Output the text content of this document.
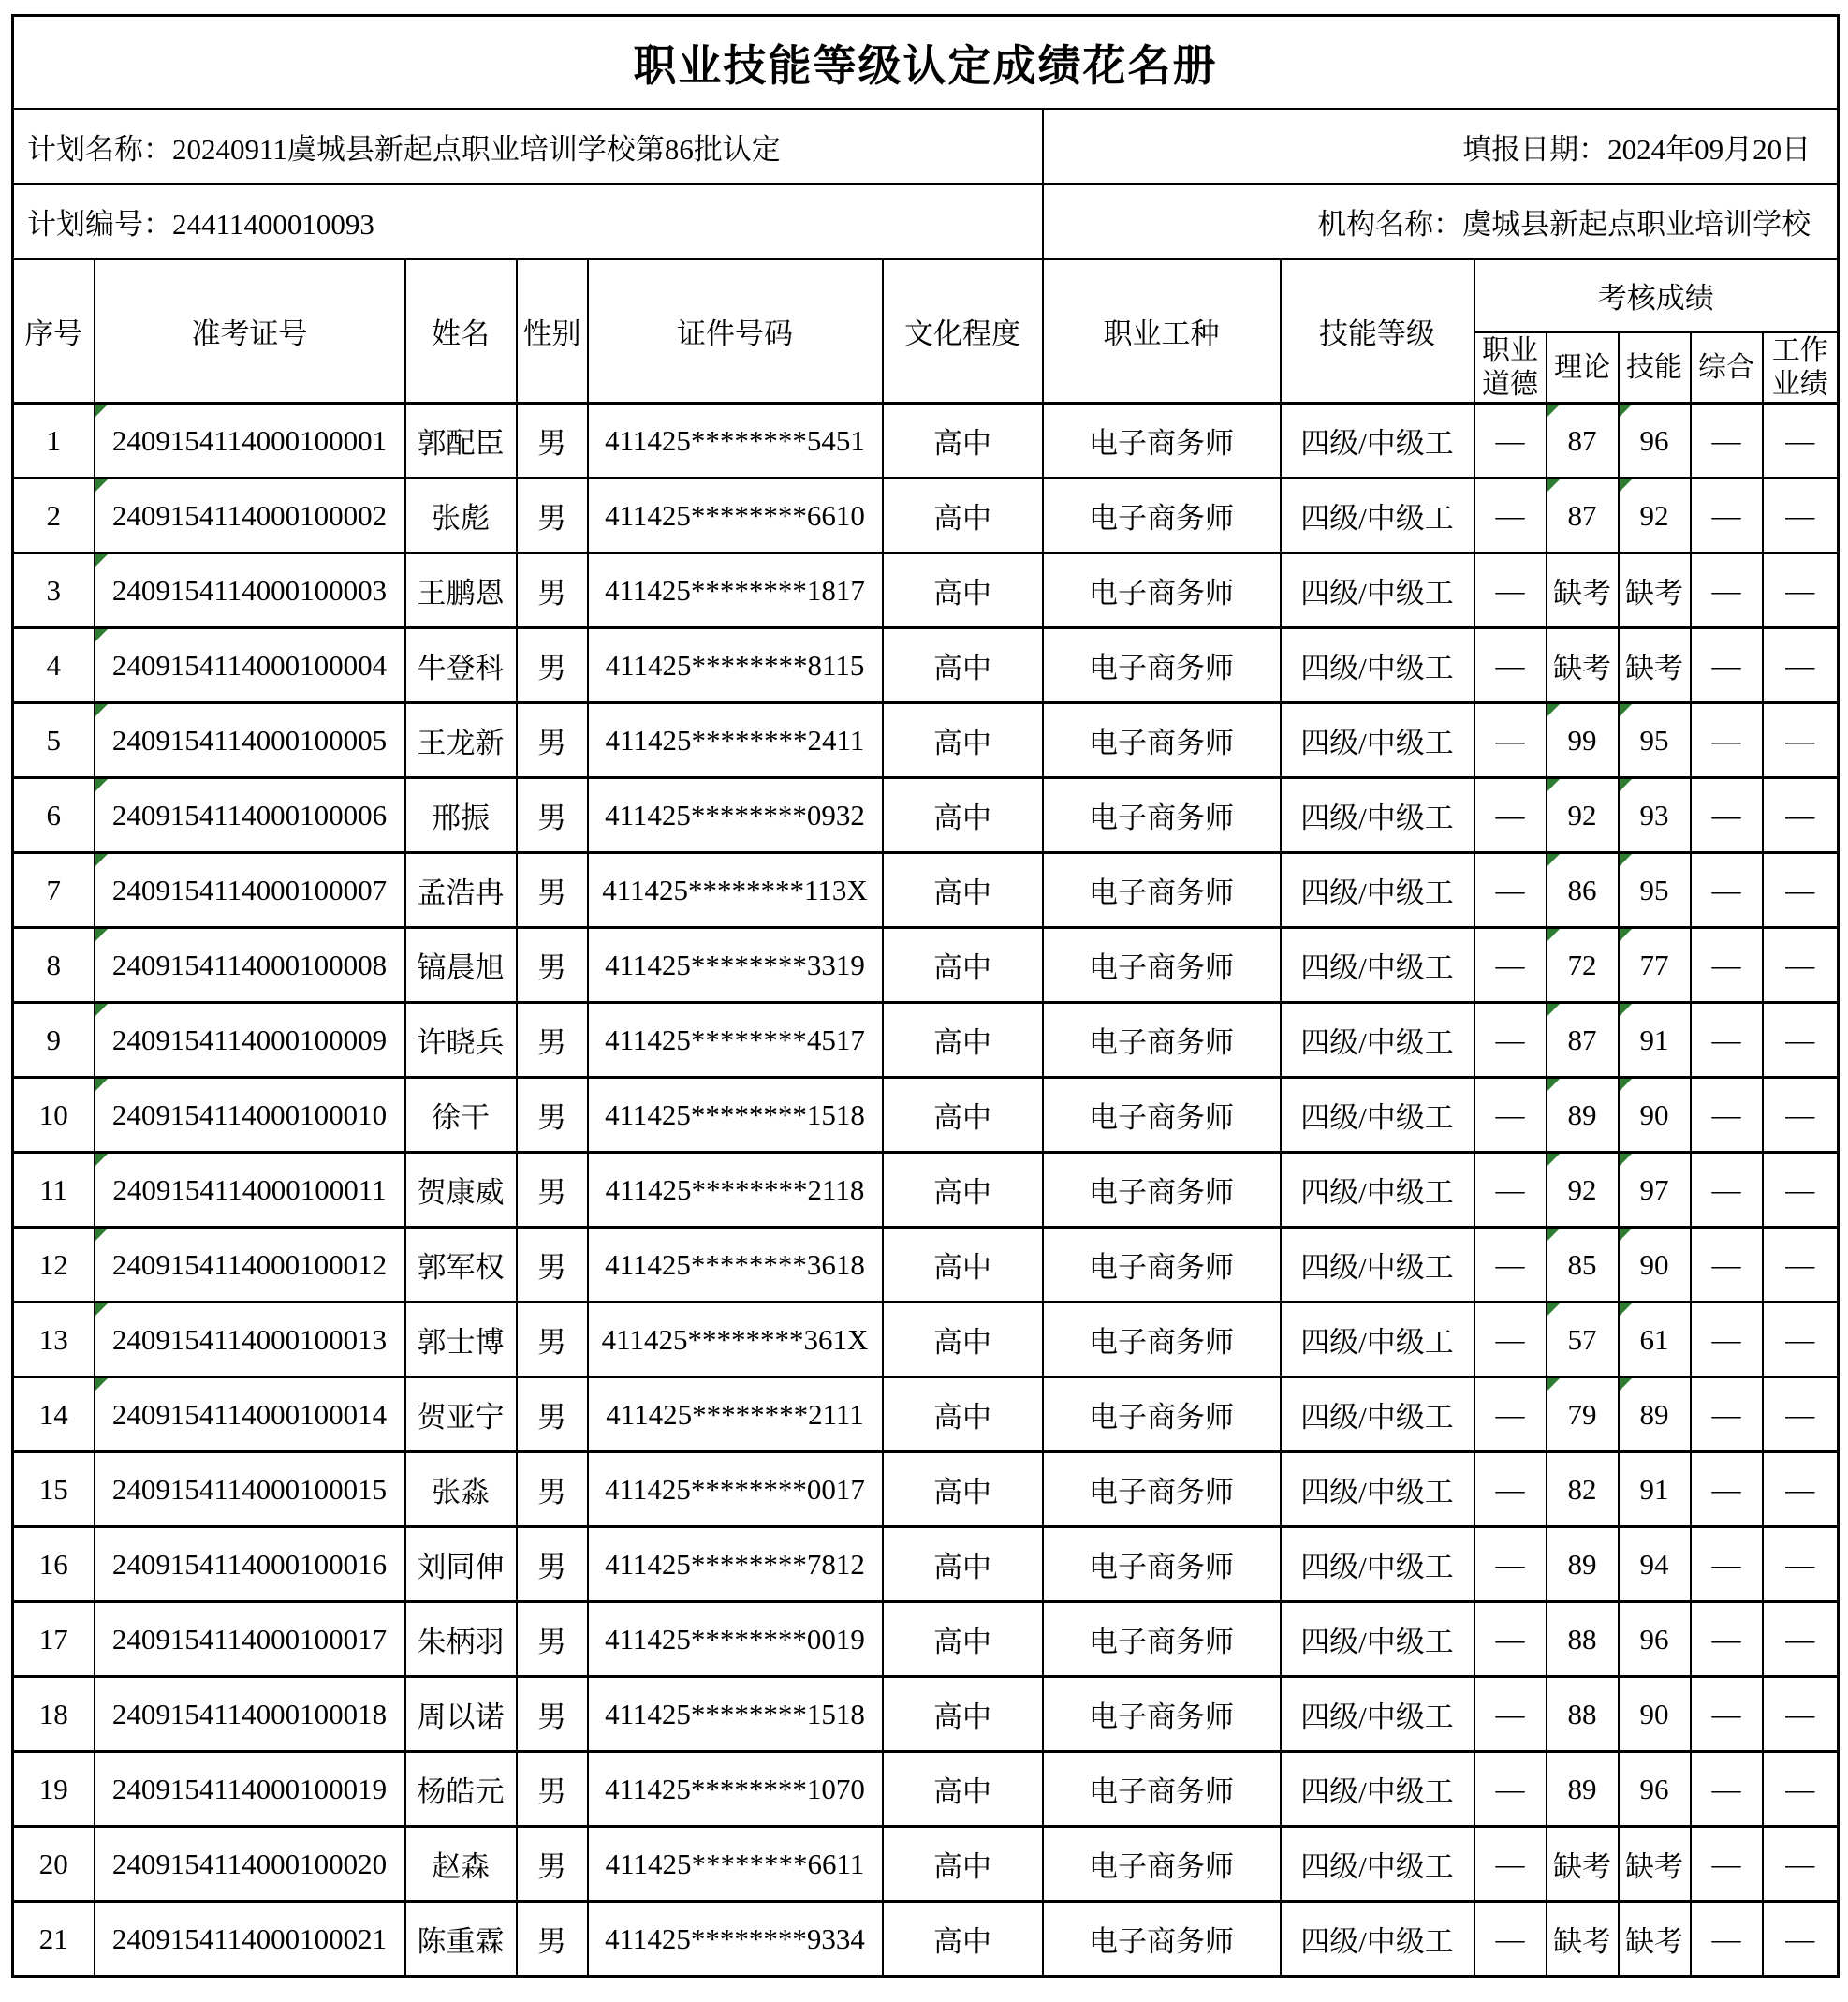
职业技能等级认定成绩花名册												
计划名称：20240911虞城县新起点职业培训学校第86批认定						填报日期：2024年09月20日						
计划编号：24411400010093						机构名称：虞城县新起点职业培训学校						
序号	准考证号	姓名	性别	证件号码	文化程度	职业工种	技能等级	考核成绩				
								职业道德	理论	技能	综合	工作业绩
1	2409154114000100001	郭配臣	男	411425********5451	高中	电子商务师	四级/中级工	—	87	96	—	—
2	2409154114000100002	张彪	男	411425********6610	高中	电子商务师	四级/中级工	—	87	92	—	—
3	2409154114000100003	王鹏恩	男	411425********1817	高中	电子商务师	四级/中级工	—	缺考	缺考	—	—
4	2409154114000100004	牛登科	男	411425********8115	高中	电子商务师	四级/中级工	—	缺考	缺考	—	—
5	2409154114000100005	王龙新	男	411425********2411	高中	电子商务师	四级/中级工	—	99	95	—	—
6	2409154114000100006	邢振	男	411425********0932	高中	电子商务师	四级/中级工	—	92	93	—	—
7	2409154114000100007	孟浩冉	男	411425********113X	高中	电子商务师	四级/中级工	—	86	95	—	—
8	2409154114000100008	镐晨旭	男	411425********3319	高中	电子商务师	四级/中级工	—	72	77	—	—
9	2409154114000100009	许晓兵	男	411425********4517	高中	电子商务师	四级/中级工	—	87	91	—	—
10	2409154114000100010	徐干	男	411425********1518	高中	电子商务师	四级/中级工	—	89	90	—	—
11	2409154114000100011	贺康威	男	411425********2118	高中	电子商务师	四级/中级工	—	92	97	—	—
12	2409154114000100012	郭军权	男	411425********3618	高中	电子商务师	四级/中级工	—	85	90	—	—
13	2409154114000100013	郭士博	男	411425********361X	高中	电子商务师	四级/中级工	—	57	61	—	—
14	2409154114000100014	贺亚宁	男	411425********2111	高中	电子商务师	四级/中级工	—	79	89	—	—
15	2409154114000100015	张淼	男	411425********0017	高中	电子商务师	四级/中级工	—	82	91	—	—
16	2409154114000100016	刘同伸	男	411425********7812	高中	电子商务师	四级/中级工	—	89	94	—	—
17	2409154114000100017	朱柄羽	男	411425********0019	高中	电子商务师	四级/中级工	—	88	96	—	—
18	2409154114000100018	周以诺	男	411425********1518	高中	电子商务师	四级/中级工	—	88	90	—	—
19	2409154114000100019	杨皓元	男	411425********1070	高中	电子商务师	四级/中级工	—	89	96	—	—
20	2409154114000100020	赵森	男	411425********6611	高中	电子商务师	四级/中级工	—	缺考	缺考	—	—
21	2409154114000100021	陈重霖	男	411425********9334	高中	电子商务师	四级/中级工	—	缺考	缺考	—	—
